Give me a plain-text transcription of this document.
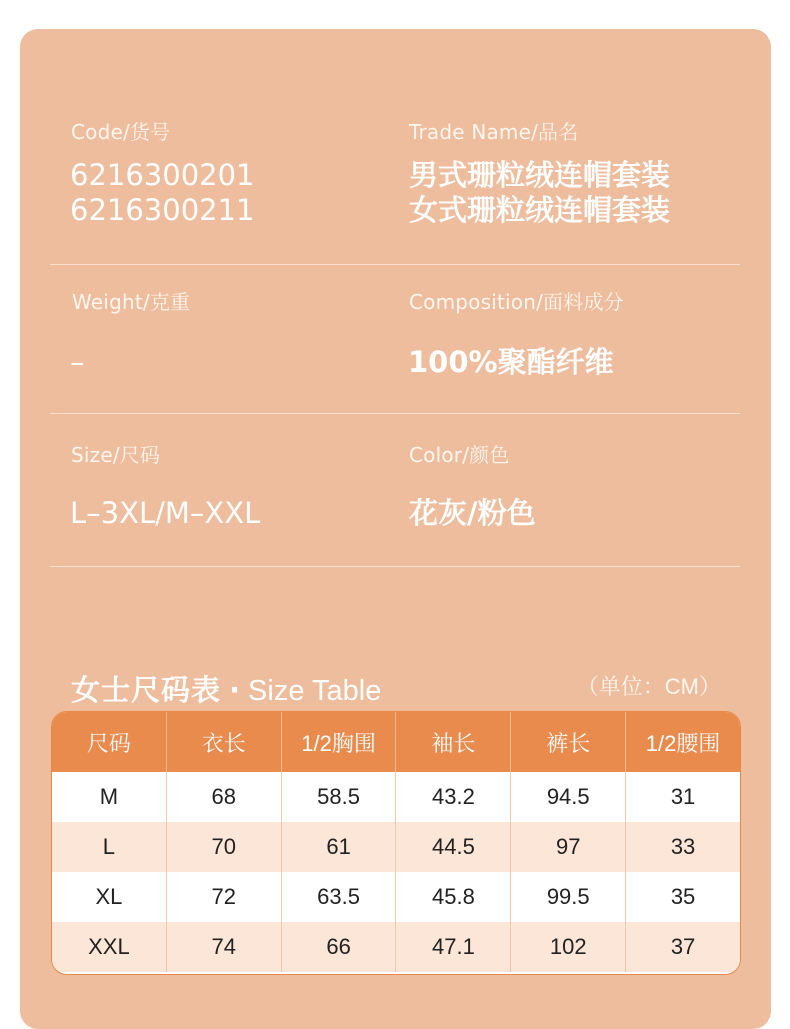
Code/货号
6216300201
6216300211
Trade Name/品名
男式珊粒绒连帽套装
女式珊粒绒连帽套装
Weight/克重
–
Composition/面料成分
100%聚酯纤维
Size/尺码
L–3XL/M–XXL
Color/颜色
花灰/粉色
女士尺码表 · Size Table	（单位：CM）
尺码	衣长	1/2胸围	袖长	裤长	1/2腰围
M	68	58.5	43.2	94.5	31
L	70	61	44.5	97	33
XL	72	63.5	45.8	99.5	35
XXL	74	66	47.1	102	37
